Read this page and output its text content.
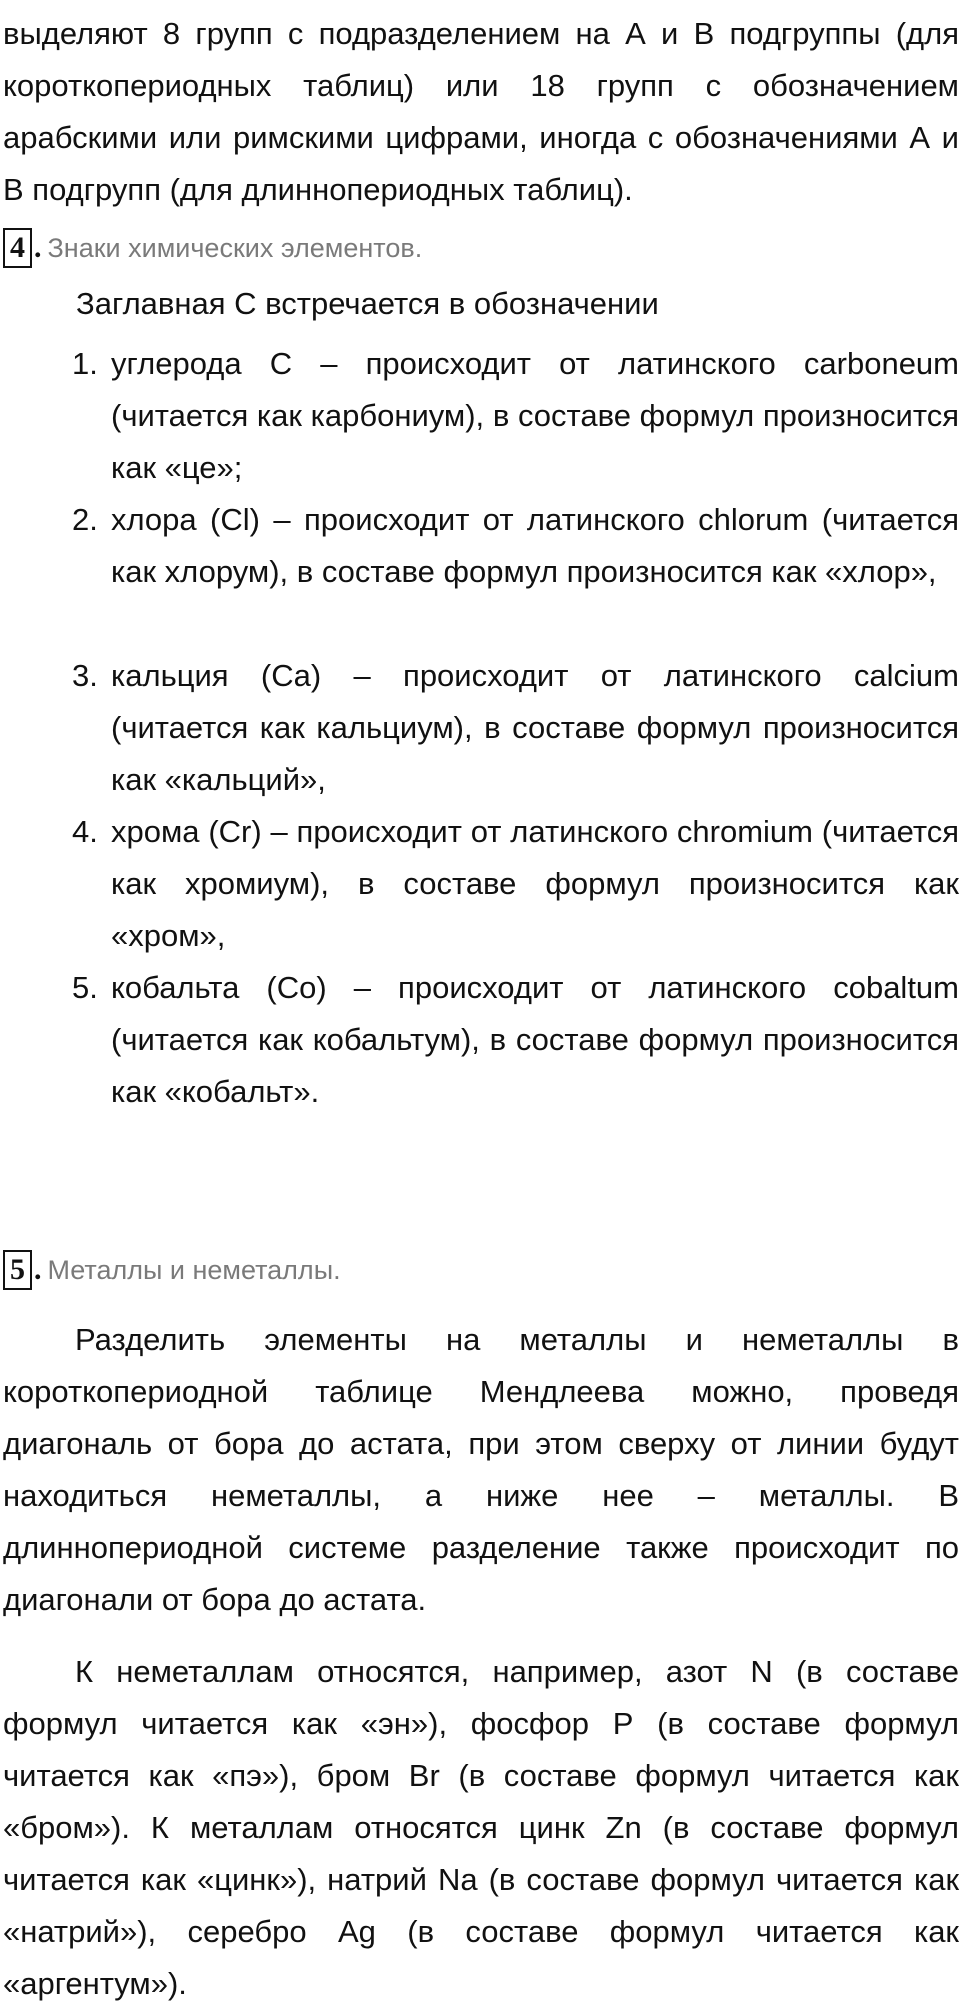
выделяют 8 групп с подразделением на А и В подгруппы (для короткопериодных таблиц) или 18 групп с обозначением арабскими или римскими цифрами, иногда с обозначениями А и В подгрупп (для длиннопериодных таблиц).

4 . Знаки химических элементов.

Заглавная С встречается в обозначении

1. углерода С – происходит от латинского carboneum (читается как карбониум), в составе формул произносится как «це»;
2. хлора (Cl) – происходит от латинского chlorum (читается как хлорум), в составе формул произносится как «хлор»,
3. кальция (Ca) – происходит от латинского calcium (читается как кальциум), в составе формул произносится как «кальций»,
4. хрома (Cr) – происходит от латинского chromium (читается как хромиум), в составе формул произносится как «хром»,
5. кобальта (Co) – происходит от латинского cobaltum (читается как кобальтум), в составе формул произносится как «кобальт».
5 . Металлы и неметаллы.

Разделить элементы на металлы и неметаллы в короткопериодной таблице Мендлеева можно, проведя диагональ от бора до астата, при этом сверху от линии будут находиться неметаллы, а ниже нее – металлы. В длиннопериодной системе разделение также происходит по диагонали от бора до астата.

К неметаллам относятся, например, азот N (в составе формул читается как «эн»), фосфор Р (в составе формул читается как «пэ»), бром Br (в составе формул читается как «бром»). К металлам относятся цинк Zn (в составе формул читается как «цинк»), натрий Na (в составе формул читается как «натрий»), серебро Ag (в составе формул читается как «аргентум»).
